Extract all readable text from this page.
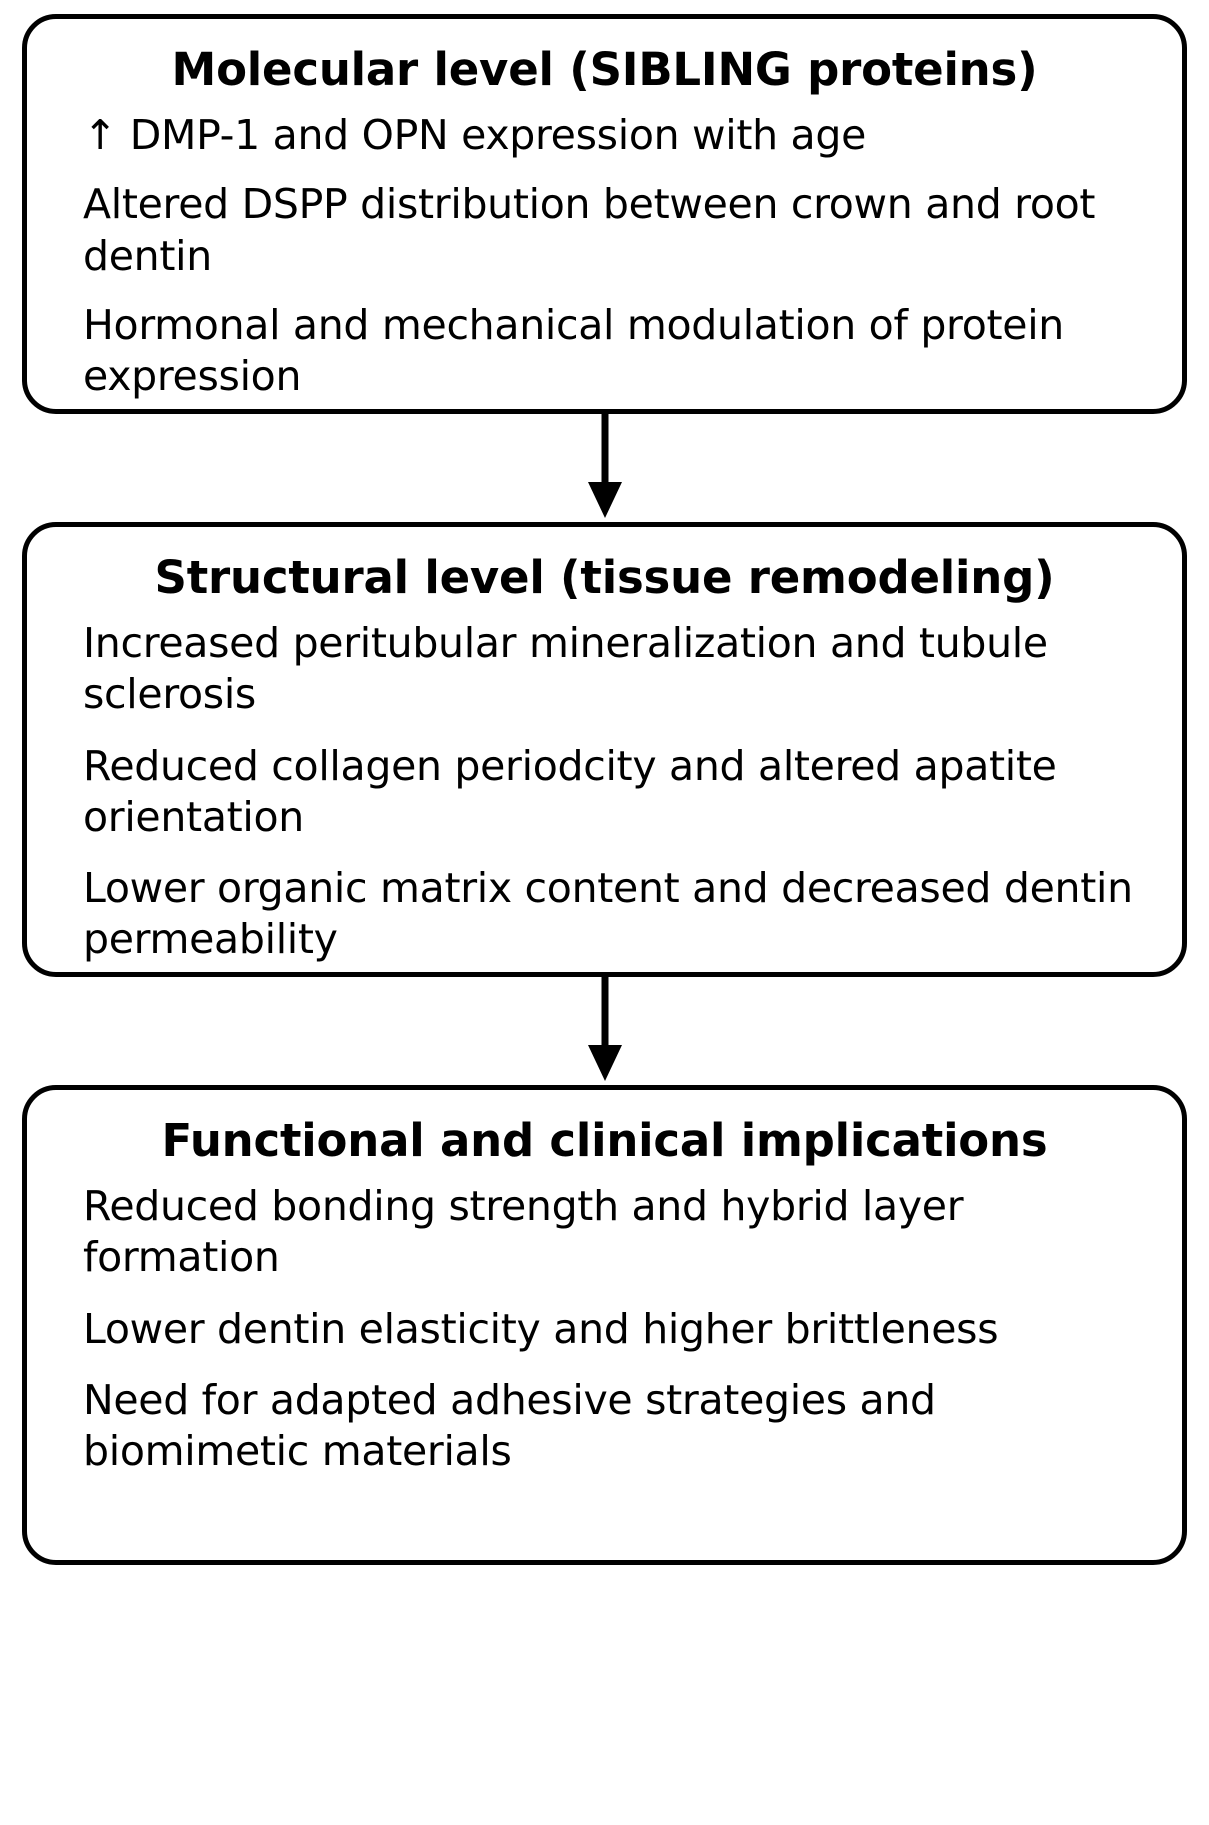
Molecular level (SIBLING proteins)

↑ DMP-1 and OPN expression with age

Altered DSPP distribution between crown and root dentin

Hormonal and mechanical modulation of protein expression

Structural level (tissue remodeling)

Increased peritubular mineralization and tubule sclerosis

Reduced collagen periodcity and altered apatite orientation

Lower organic matrix content and decreased dentin permeability

Functional and clinical implications

Reduced bonding strength and hybrid layer formation

Lower dentin elasticity and higher brittleness

Need for adapted adhesive strategies and biomimetic materials
